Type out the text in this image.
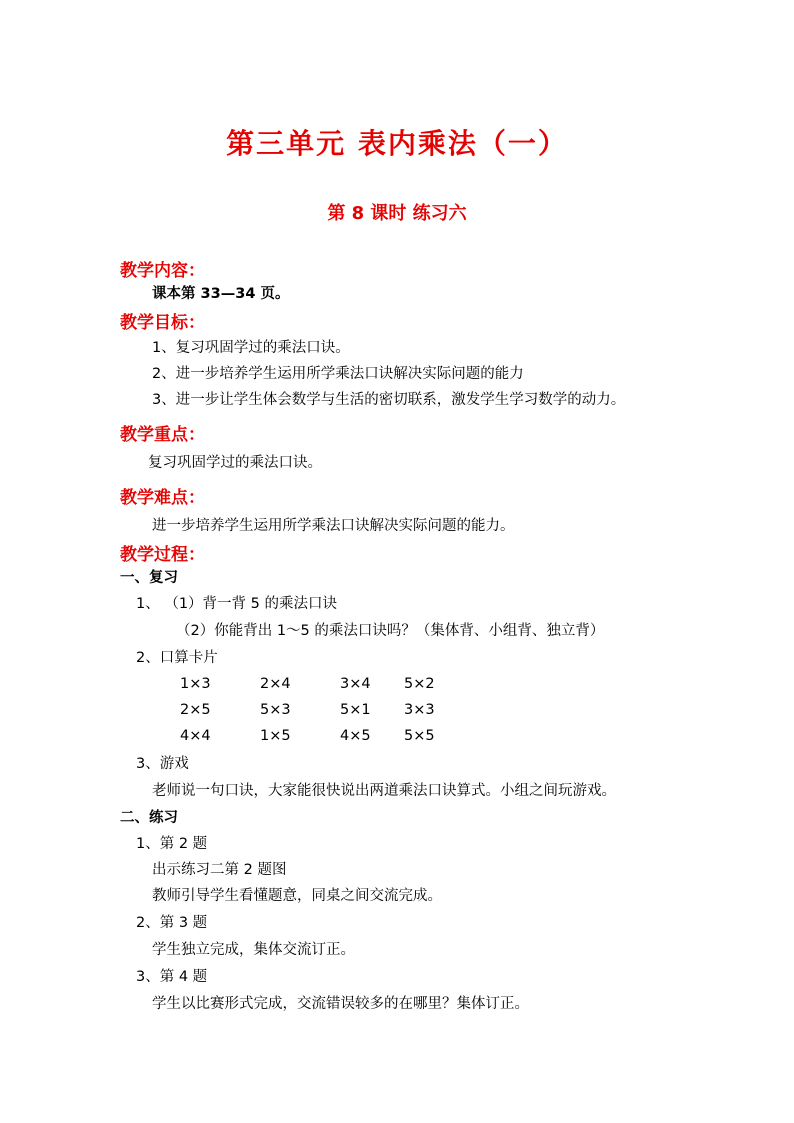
第三单元 表内乘法（一）
第 8 课时 练习六
教学内容：
课本第 33—34 页。
教学目标：
1、复习巩固学过的乘法口诀。
2、进一步培养学生运用所学乘法口诀解决实际问题的能力
3、进一步让学生体会数学与生活的密切联系，激发学生学习数学的动力。
教学重点：
复习巩固学过的乘法口诀。
教学难点：
进一步培养学生运用所学乘法口诀解决实际问题的能力。
教学过程：
一、复习
1、 （1）背一背 5 的乘法口诀
（2）你能背出 1～5 的乘法口诀吗？（集体背、小组背、独立背）
2、口算卡片
1×3	2×4	3×4 5×2
2×5	5×3	5×1 3×3
4×4	1×5	4×5 5×5
3、游戏
老师说一句口诀，大家能很快说出两道乘法口诀算式。小组之间玩游戏。
二、练习
1、第 2 题
出示练习二第 2 题图
教师引导学生看懂题意，同桌之间交流完成。
2、第 3 题
学生独立完成，集体交流订正。
3、第 4 题
学生以比赛形式完成，交流错误较多的在哪里？集体订正。
